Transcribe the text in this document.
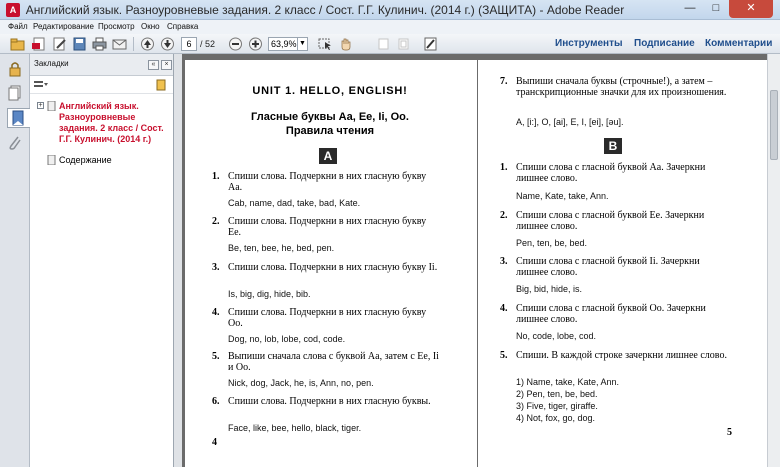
A Английский язык. Разноуровневые задания. 2 класс / Сост. Г.Г. Кулинич. (2014 г.) (ЗАЩИТА) - Adobe Reader	—	□	✕
Файл Редактирование Просмотр Окно Справка
6 / 52	63,9% ▼	Инструменты Подписание Комментарии
Закладки	«	×
+ Английский язык. Разноуровневые задания. 2 класс / Сост. Г.Г. Кулинич. (2014 г.)
Содержание
UNIT 1. HELLO, ENGLISH!
Гласные буквы Aa, Ee, Ii, Oo.
Правила чтения
A
1. Спиши слова. Подчеркни в них гласную букву Aa.
Cab, name, dad, take, bad, Kate.
2. Спиши слова. Подчеркни в них гласную букву Ee.
Be, ten, bee, he, bed, pen.
3. Спиши слова. Подчеркни в них гласную букву Ii.
Is, big, dig, hide, bib.
4. Спиши слова. Подчеркни в них гласную букву Oo.
Dog, no, lob, lobe, cod, code.
5. Выпиши сначала слова с буквой Aa, затем с Ee, Ii и Oo.
Nick, dog, Jack, he, is, Ann, no, pen.
6. Спиши слова. Подчеркни в них гласную буквы.
Face, like, bee, hello, black, tiger.
4
7. Выпиши сначала буквы (строчные!), а затем – транскрипционные значки для их произношения.
A, [i:], O, [ai], E, I, [ei], [əu].
B
1. Спиши слова с гласной буквой Aa. Зачеркни лишнее слово.
Name, Kate, take, Ann.
2. Спиши слова с гласной буквой Ee. Зачеркни лишнее слово.
Pen, ten, be, bed.
3. Спиши слова с гласной буквой Ii. Зачеркни лишнее слово.
Big, bid, hide, is.
4. Спиши слова с гласной буквой Oo. Зачеркни лишнее слово.
No, code, lobe, cod.
5. Спиши. В каждой строке зачеркни лишнее слово.
1) Name, take, Kate, Ann.
2) Pen, ten, be, bed.
3) Five, tiger, giraffe.
4) Not, fox, go, dog.
5
